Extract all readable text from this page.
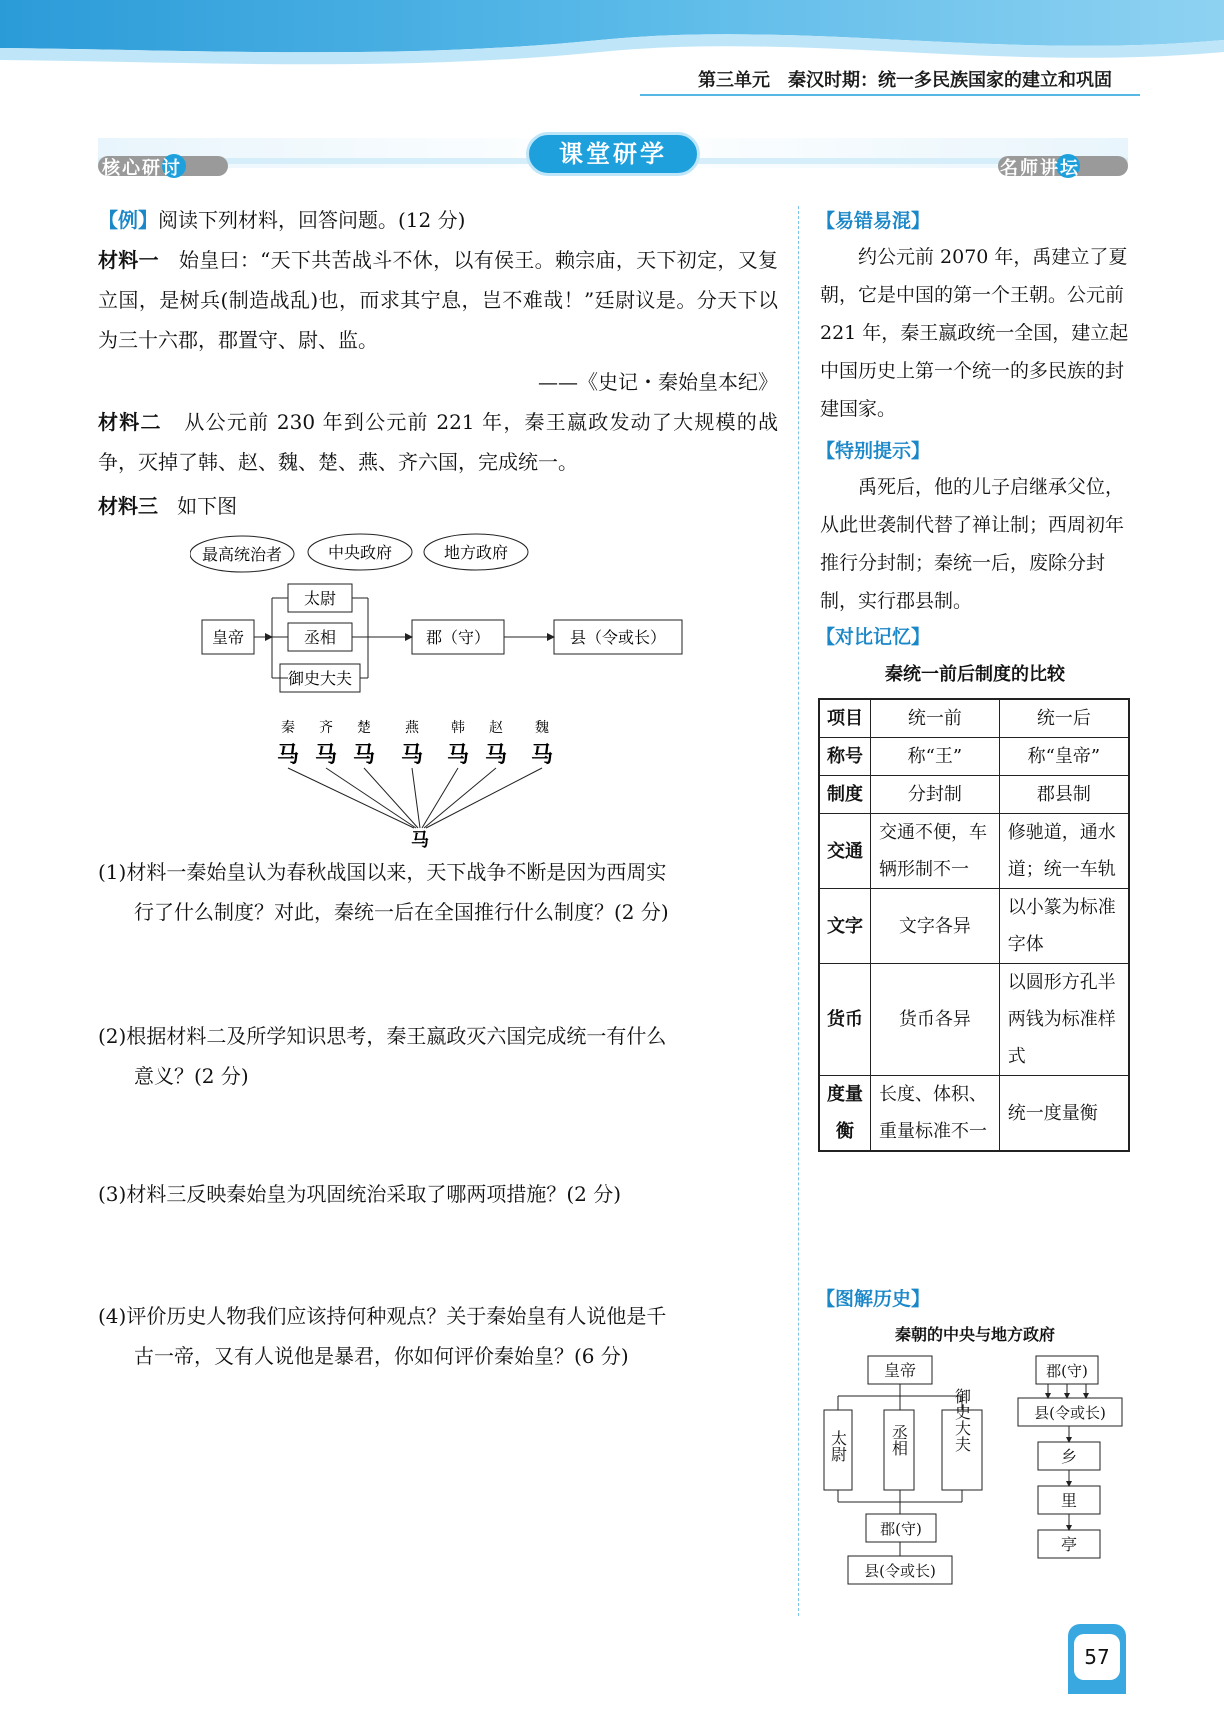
第三单元　秦汉时期：统一多民族国家的建立和巩固
核心研讨	名师讲坛
课堂研学
【例】阅读下列材料，回答问题。(12 分)
材料一 始皇曰：“天下共苦战斗不休，以有侯王。赖宗庙，天下初定，又复立国，是树兵(制造战乱)也，而求其宁息，岂不难哉！”廷尉议是。分天下以为三十六郡，郡置守、尉、监。
——《史记・秦始皇本纪》
材料二 从公元前 230 年到公元前 221 年，秦王嬴政发动了大规模的战争，灭掉了韩、赵、魏、楚、燕、齐六国，完成统一。
材料三 如下图
最高统治者	中央政府	地方政府
皇帝
太尉
丞相
御史大夫
郡（守）	县（令或长）
秦 齐 楚 燕 韩 赵 魏
马 马 马 马 马 马 马
马
(1)材料一秦始皇认为春秋战国以来，天下战争不断是因为西周实
行了什么制度？对此，秦统一后在全国推行什么制度？(2 分)
(2)根据材料二及所学知识思考，秦王嬴政灭六国完成统一有什么
意义？(2 分)
(3)材料三反映秦始皇为巩固统治采取了哪两项措施？(2 分)
(4)评价历史人物我们应该持何种观点？关于秦始皇有人说他是千
古一帝，又有人说他是暴君，你如何评价秦始皇？(6 分)
【易错易混】
约公元前 2070 年，禹建立了夏朝，它是中国的第一个王朝。公元前 221 年，秦王嬴政统一全国，建立起中国历史上第一个统一的多民族的封建国家。
【特别提示】
禹死后，他的儿子启继承父位，从此世袭制代替了禅让制；西周初年推行分封制；秦统一后，废除分封制，实行郡县制。
【对比记忆】
秦统一前后制度的比较
项目	统一前	统一后
称号	称“王”	称“皇帝”
制度	分封制	郡县制
交通	交通不便，车辆形制不一	修驰道，通水道；统一车轨
文字	文字各异	以小篆为标准字体
货币	货币各异	以圆形方孔半两钱为标准样式
度量衡	长度、体积、重量标准不一	统一度量衡
【图解历史】
秦朝的中央与地方政府
皇帝
郡(守)
县(令或长)
郡(守)
县(令或长)
乡
里
亭
太尉	丞相	御史大夫
57
